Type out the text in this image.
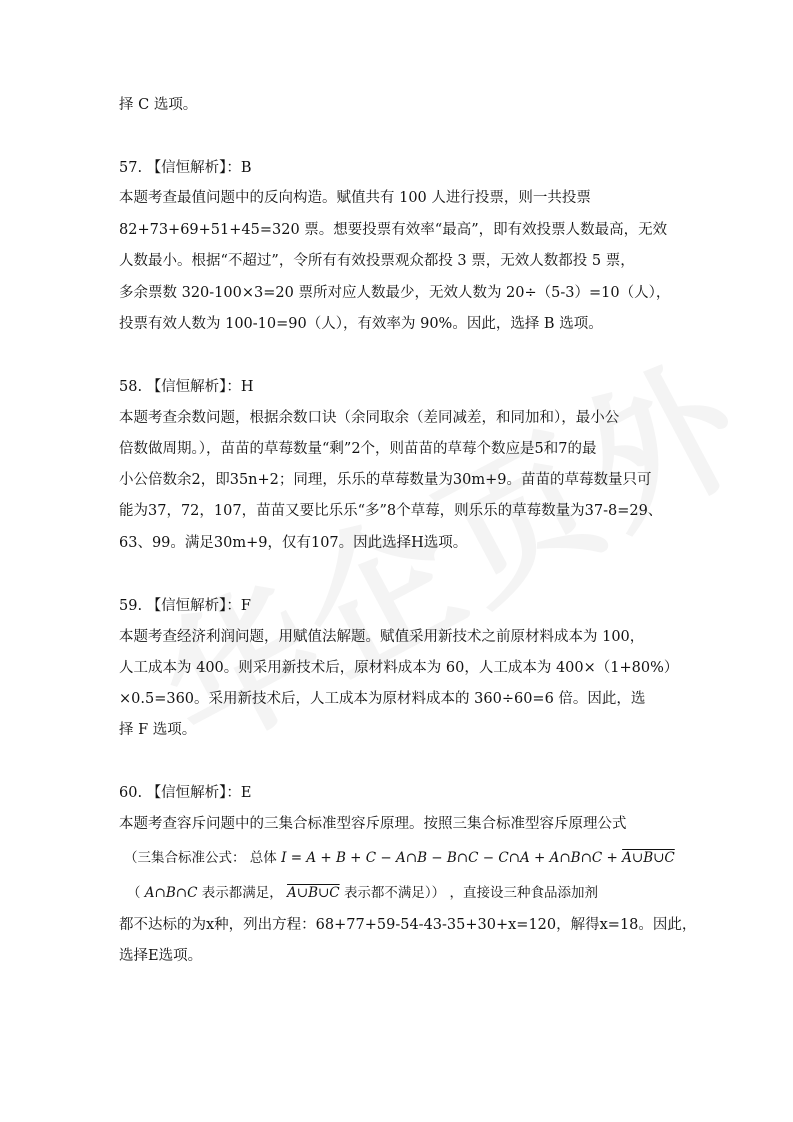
择 C 选项。
57. 【信恒解析】：B
本题考查最值问题中的反向构造。赋值共有 100 人进行投票，则一共投票
82+73+69+51+45=320 票。想要投票有效率“最高”，即有效投票人数最高，无效
人数最小。根据“不超过”，令所有有效投票观众都投 3 票，无效人数都投 5 票，
多余票数 320-100×3=20 票所对应人数最少，无效人数为 20÷（5-3）=10（人），
投票有效人数为 100-10=90（人），有效率为 90%。因此，选择 B 选项。
58. 【信恒解析】：H
本题考查余数问题，根据余数口诀（余同取余（差同减差，和同加和），最小公
倍数做周期。），苗苗的草莓数量“剩”2个，则苗苗的草莓个数应是5和7的最
小公倍数余2，即35n+2；同理，乐乐的草莓数量为30m+9。苗苗的草莓数量只可
能为37，72，107，苗苗又要比乐乐“多”8个草莓，则乐乐的草莓数量为37-8=29、
63、99。满足30m+9，仅有107。因此选择H选项。
59. 【信恒解析】：F
本题考查经济利润问题，用赋值法解题。赋值采用新技术之前原材料成本为 100，
人工成本为 400。则采用新技术后，原材料成本为 60，人工成本为 400×（1+80%）
×0.5=360。采用新技术后，人工成本为原材料成本的 360÷60=6 倍。因此，选
择 F 选项。
60. 【信恒解析】：E
本题考查容斥问题中的三集合标准型容斥原理。按照三集合标准型容斥原理公式
（三集合标准公式： 总体 I = A + B + C − A∩B − B∩C − C∩A + A∩B∩C + A∪B∪C
（ A∩B∩C 表示都满足， A∪B∪C 表示都不满足）） ，直接设三种食品添加剂
都不达标的为x种，列出方程：68+77+59-54-43-35+30+x=120，解得x=18。因此，
选择E选项。
